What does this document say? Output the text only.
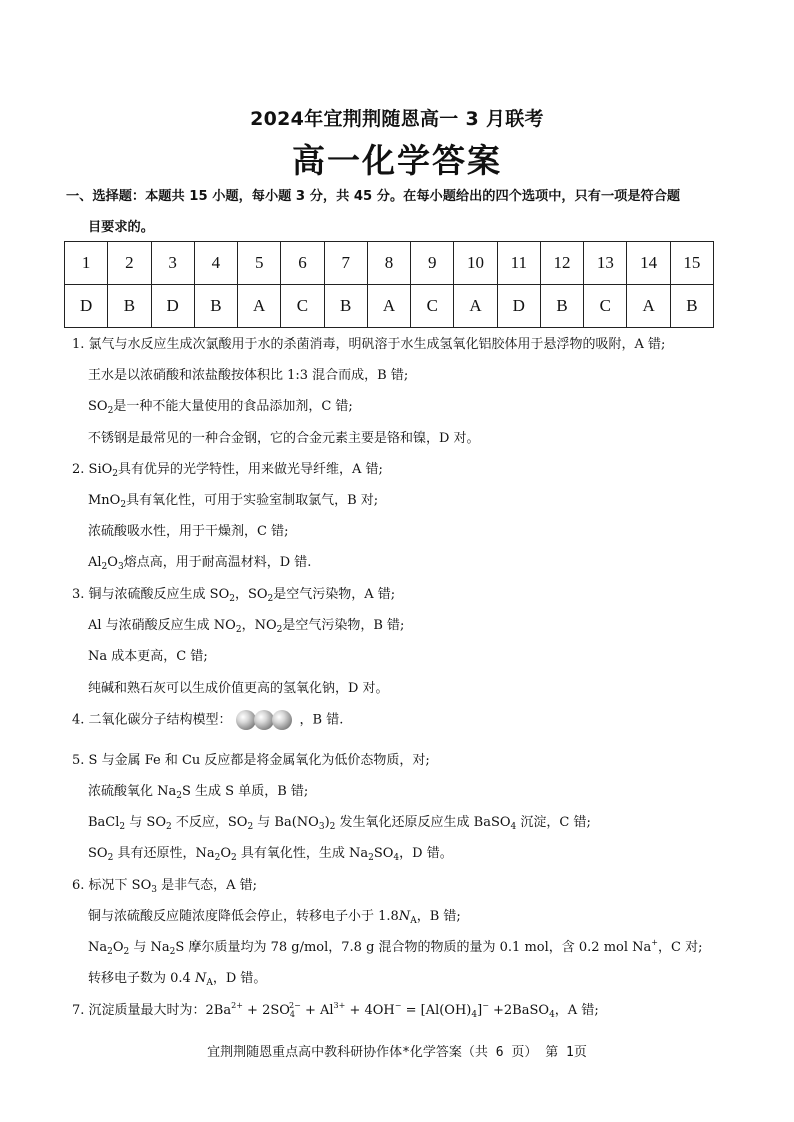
2024年宜荆荆随恩高一 3 月联考
高一化学答案
一、选择题：本题共 15 小题，每小题 3 分，共 45 分。在每小题给出的四个选项中，只有一项是符合题
目要求的。
1	2	3	4	5	6	7	8	9	10	11	12	13	14	15
D	B	D	B	A	C	B	A	C	A	D	B	C	A	B
1. 氯气与水反应生成次氯酸用于水的杀菌消毒，明矾溶于水生成氢氧化铝胶体用于悬浮物的吸附，A 错;
王水是以浓硝酸和浓盐酸按体积比 1:3 混合而成，B 错;
$SO_2$是一种不能大量使用的食品添加剂，C 错;
不锈钢是最常见的一种合金钢，它的合金元素主要是铬和镍，D 对。
2. SiO$_2$具有优异的光学特性，用来做光导纤维，A 错;
MnO$_2$具有氧化性，可用于实验室制取氯气，B 对;
浓硫酸吸水性，用于干燥剂，C 错;
$Al_2O_3$熔点高，用于耐高温材料，D 错.
3. 铜与浓硫酸反应生成 $SO_2$，$SO_2$是空气污染物，A 错;
Al 与浓硝酸反应生成 $NO_2$，$NO_2$是空气污染物，B 错;
Na 成本更高，C 错;
纯碱和熟石灰可以生成价值更高的氢氧化钠，D 对。
4. 二氧化碳分子结构模型：	，B 错.
5. S 与金属 Fe 和 Cu 反应都是将金属氧化为低价态物质，对;
浓硫酸氧化 $Na_2S$ 生成 S 单质，B 错;
BaCl$_2$ 与 $SO_2$ 不反应，$SO_2$ 与 $Ba(NO_3)_2$ 发生氧化还原反应生成 BaSO$_4$ 沉淀，C 错;
$SO_2$ 具有还原性，$Na_2O_2$ 具有氧化性，生成 $Na_2SO_4$，D 错。
6. 标况下 $SO_3$ 是非气态，A 错;
铜与浓硫酸反应随浓度降低会停止，转移电子小于 $1.8N_A$，B 错;
$Na_2O_2$ 与 $Na_2S$ 摩尔质量均为 78 g/mol，7.8 g 混合物的物质的量为 0.1 mol，含 0.2 mol Na+，C 对;
转移电子数为 0.4 $N_A$，D 错。
7. 沉淀质量最大时为：$2Ba^{2+} + 2SO_4^{2-} + Al^{3+} + 4OH^- = [Al(OH)_4]^-$ +2BaSO$_4$，A 错;
宜荆荆随恩重点高中教科研协作体*化学答案（共 6 页） 第 1页
